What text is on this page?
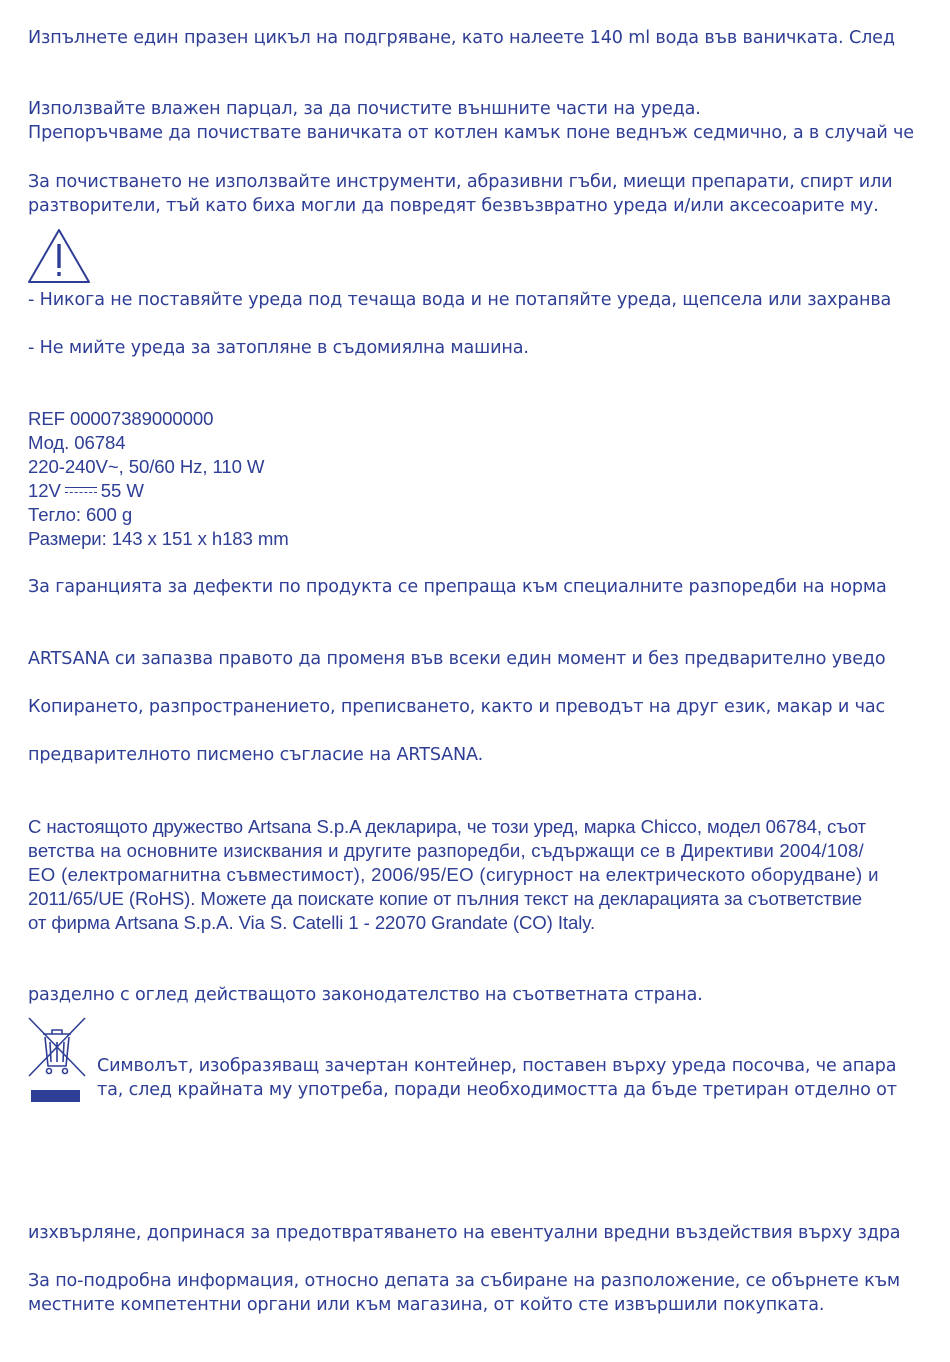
Изпълнете един празен цикъл на подгряване, като налеете 140 ml вода във ваничката. След
Използвайте влажен парцал, за да почистите външните части на уреда.
Препоръчваме да почиствате ваничката от котлен камък поне веднъж седмично, а в случай че
За почистването не използвайте инструменти, абразивни гъби, миещи препарати, спирт или
разтворители, тъй като биха могли да повредят безвъзвратно уреда и/или аксесоарите му.
- Никога не поставяйте уреда под течаща вода и не потапяйте уреда, щепсела или захранва
- Не мийте уреда за затопляне в съдомиялна машина.
REF 00007389000000
Мод. 06784
220-240V~, 50/60 Hz, 110 W
12V 55 W
Тегло: 600 g
Размери: 143 x 151 x h183 mm
За гаранцията за дефекти по продукта се препраща към специалните разпоредби на норма
ARTSANA си запазва правото да променя във всеки един момент и без предварително уведо
Копирането, разпространението, преписването, както и преводът на друг език, макар и час
предварителното писмено съгласие на ARTSANA.
С настоящото дружество Artsana S.p.A декларира, че този уред, марка Chicco, модел 06784, съот
ветства на основните изисквания и другите разпоредби, съдържащи се в Директиви 2004/108/
ЕО (електромагнитна съвместимост), 2006/95/ЕО (сигурност на електрическото оборудване) и
2011/65/UE (RoHS). Можете да поискате копие от пълния текст на декларацията за съответствие
от фирма Artsana S.p.A. Via S. Catelli 1 - 22070 Grandate (CO) Italy.
разделно с оглед действащото законодателство на съответната страна.
Символът, изобразяващ зачертан контейнер, поставен върху уреда посочва, че апара
та, след крайната му употреба, поради необходимостта да бъде третиран отделно от
изхвърляне, допринася за предотвратяването на евентуални вредни въздействия върху здра
За по-подробна информация, относно депата за събиране на разположение, се обърнете към
местните компетентни органи или към магазина, от който сте извършили покупката.
